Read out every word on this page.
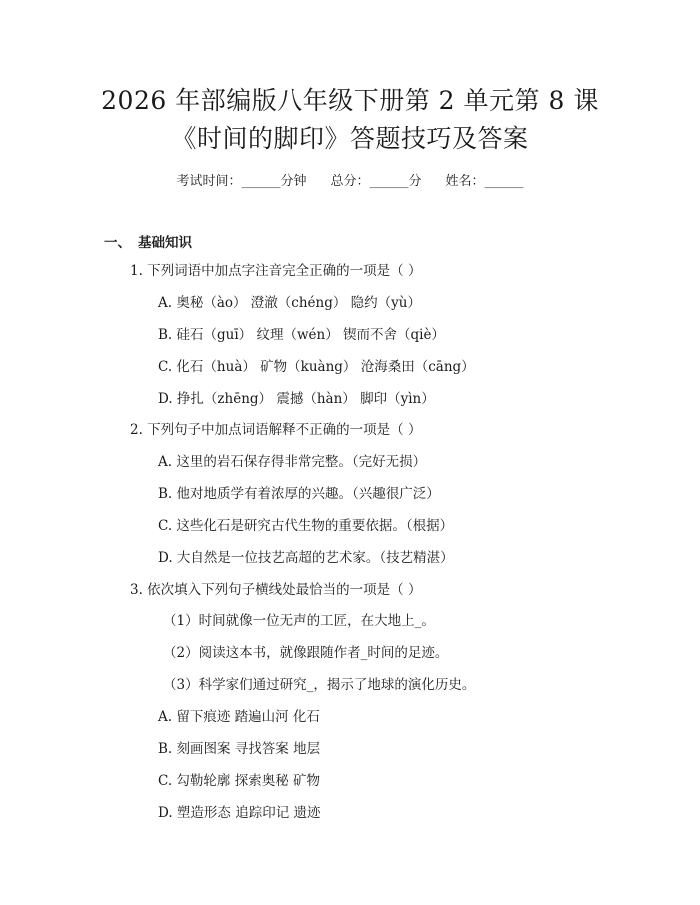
2026 年部编版八年级下册第 2 单元第 8 课
《时间的脚印》答题技巧及答案
考试时间：______分钟 总分：______分 姓名：______
一、 基础知识
1. 下列词语中加点字注音完全正确的一项是（ ）
A. 奥秘（ào） 澄澈（chéng） 隐约（yù）
B. 硅石（guī） 纹理（wén） 锲而不舍（qiè）
C. 化石（huà） 矿物（kuàng） 沧海桑田（cāng）
D. 挣扎（zhēng） 震撼（hàn） 脚印（yìn）
2. 下列句子中加点词语解释不正确的一项是（ ）
A. 这里的岩石保存得非常完整。（完好无损）
B. 他对地质学有着浓厚的兴趣。（兴趣很广泛）
C. 这些化石是研究古代生物的重要依据。（根据）
D. 大自然是一位技艺高超的艺术家。（技艺精湛）
3. 依次填入下列句子横线处最恰当的一项是（ ）
（1）时间就像一位无声的工匠，在大地上_。
（2）阅读这本书，就像跟随作者_时间的足迹。
（3）科学家们通过研究_，揭示了地球的演化历史。
A. 留下痕迹 踏遍山河 化石
B. 刻画图案 寻找答案 地层
C. 勾勒轮廓 探索奥秘 矿物
D. 塑造形态 追踪印记 遗迹
